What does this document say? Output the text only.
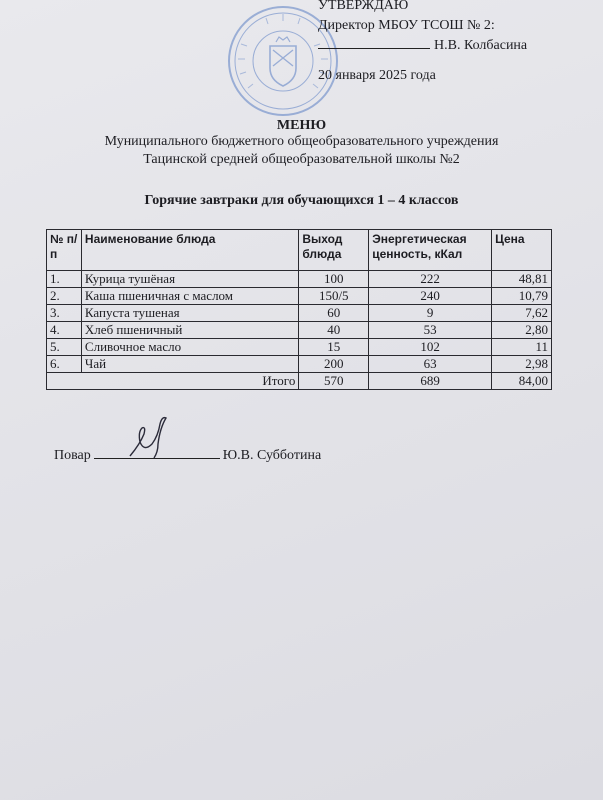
УТВЕРЖДАЮ
Директор МБОУ ТСОШ № 2:
Н.В. Колбасина
20 января 2025 года
МЕНЮ
Муниципального бюджетного общеобразовательного учреждения
Тацинской средней общеобразовательной школы №2
Горячие завтраки для обучающихся 1 – 4 классов
№ п/п	Наименование блюда	Выход блюда	Энергетическая ценность, кКал	Цена
1.	Курица тушёная	100	222	48,81
2.	Каша пшеничная с маслом	150/5	240	10,79
3.	Капуста тушеная	60	9	7,62
4.	Хлеб пшеничный	40	53	2,80
5.	Сливочное масло	15	102	11
6.	Чай	200	63	2,98
Итого		570	689	84,00
Повар	Ю.В. Субботина
